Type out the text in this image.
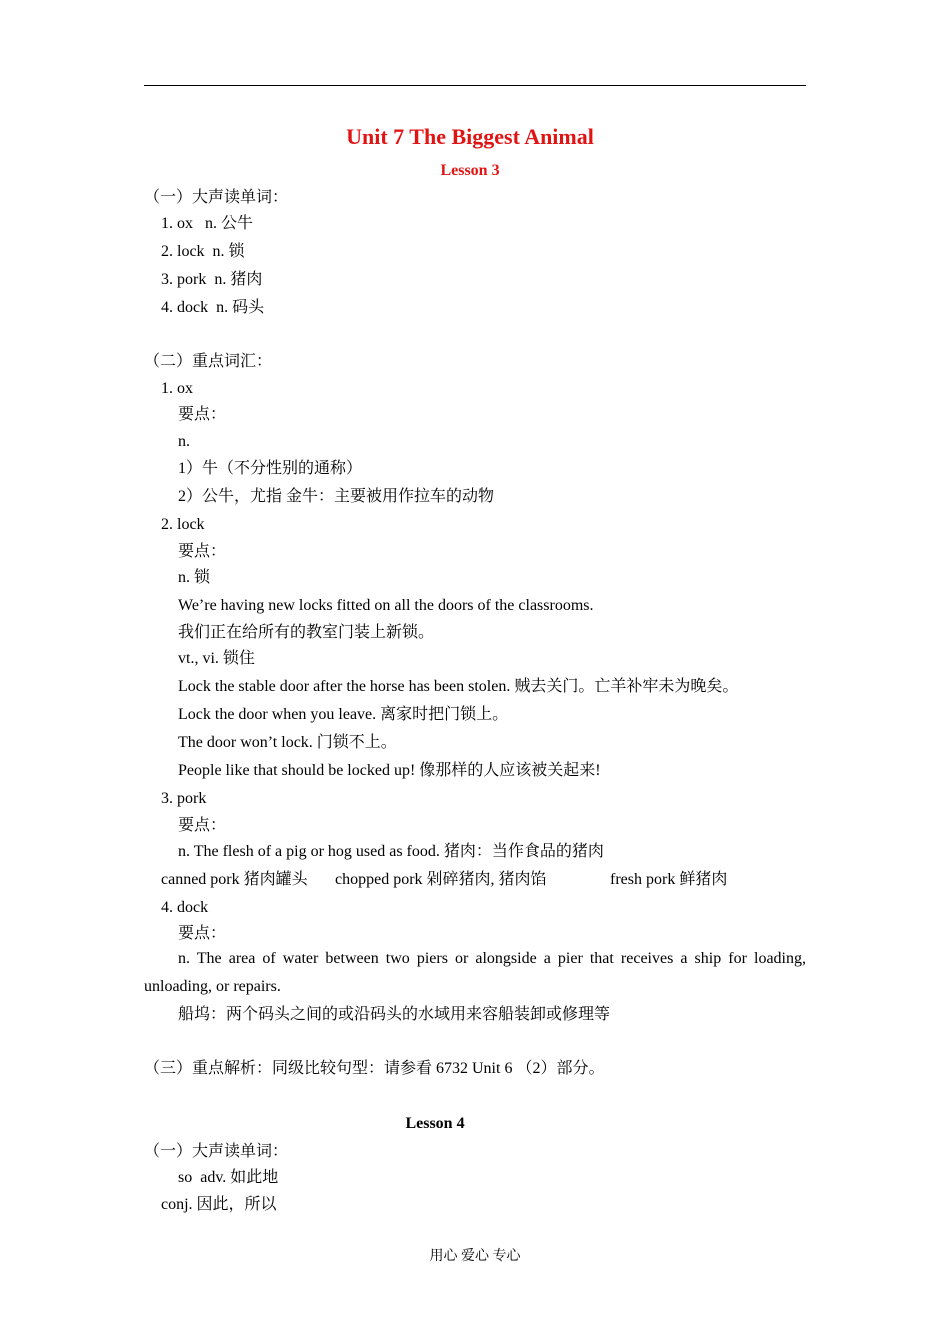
Unit 7 The Biggest Animal
Lesson 3
（一）大声读单词：
1. ox   n. 公牛
2. lock  n. 锁
3. pork  n. 猪肉
4. dock  n. 码头
（二）重点词汇：
1. ox
要点：
n.
1）牛（不分性别的通称）
2）公牛，尤指 金牛：主要被用作拉车的动物
2. lock
要点：
n. 锁
We’re having new locks fitted on all the doors of the classrooms.
我们正在给所有的教室门装上新锁。
vt., vi. 锁住
Lock the stable door after the horse has been stolen. 贼去关门。亡羊补牢未为晚矣。
Lock the door when you leave. 离家时把门锁上。
The door won’t lock. 门锁不上。
People like that should be locked up! 像那样的人应该被关起来!
3. pork
要点：
n. The flesh of a pig or hog used as food. 猪肉：当作食品的猪肉
canned pork 猪肉罐头 chopped pork 剁碎猪肉, 猪肉馅	fresh pork 鲜猪肉
4. dock
要点：
n. The area of water between two piers or alongside a pier that receives a ship for loading, unloading, or repairs.
船坞：两个码头之间的或沿码头的水域用来容船装卸或修理等
（三）重点解析：同级比较句型：请参看 6732 Unit 6 （2）部分。
Lesson 4
（一）大声读单词：
so  adv. 如此地
conj. 因此，所以
用心 爱心 专心
